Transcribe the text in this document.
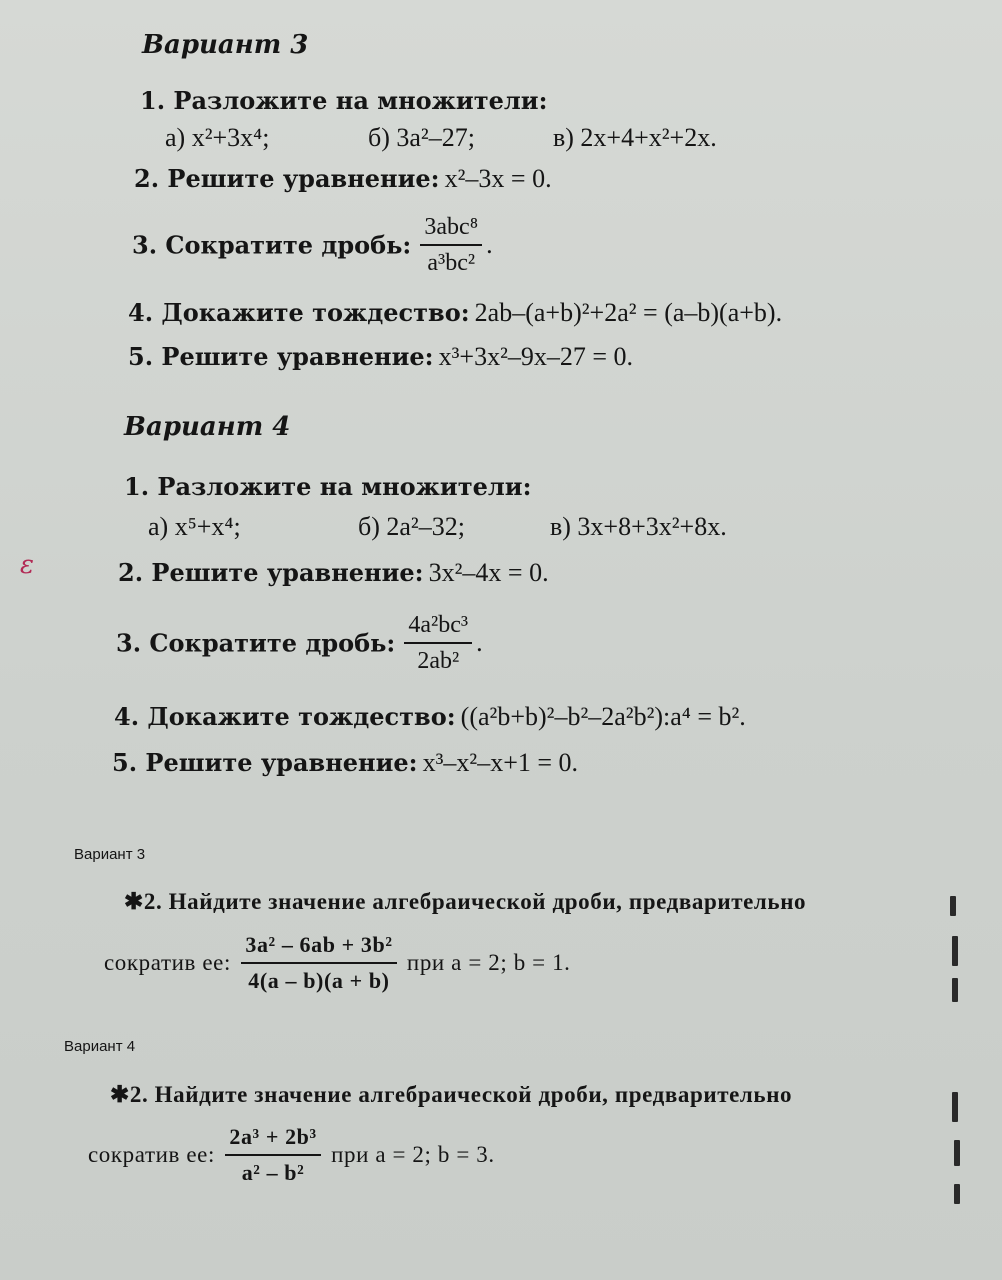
Вариант 3
1. Разложите на множители:
а) x²+3x⁴;	б) 3a²–27;	в) 2x+4+x²+2x.
2. Решите уравнение: x²–3x = 0.
3. Сократите дробь: $\frac{\text{3abc⁸}}{\text{a³bc²}}$ .
4. Докажите тождество: 2ab–(a+b)²+2a² = (a–b)(a+b).
5. Решите уравнение: x³+3x²–9x–27 = 0.
Вариант 4
1. Разложите на множители:
а) x⁵+x⁴;	б) 2a²–32;	в) 3x+8+3x²+8x.
ε	2. Решите уравнение: 3x²–4x = 0.
3. Сократите дробь: $\frac{\text{4a²bc³}}{\text{2ab²}}$ .
4. Докажите тождество: ((a²b+b)²–b²–2a²b²):a⁴ = b².
5. Решите уравнение: x³–x²–x+1 = 0.
Вариант 3
✱2. Найдите значение алгебраической дроби, предварительно
сократив ее: $\frac{\text{3a² – 6ab + 3b²}}{4(a - b)(a + b)}$ при a = 2; b = 1.
Вариант 4
✱2. Найдите значение алгебраической дроби, предварительно
сократив ее: $\frac{\text{2a³ + 2b³}}{\text{a² – b²}}$ при a = 2; b = 3.
